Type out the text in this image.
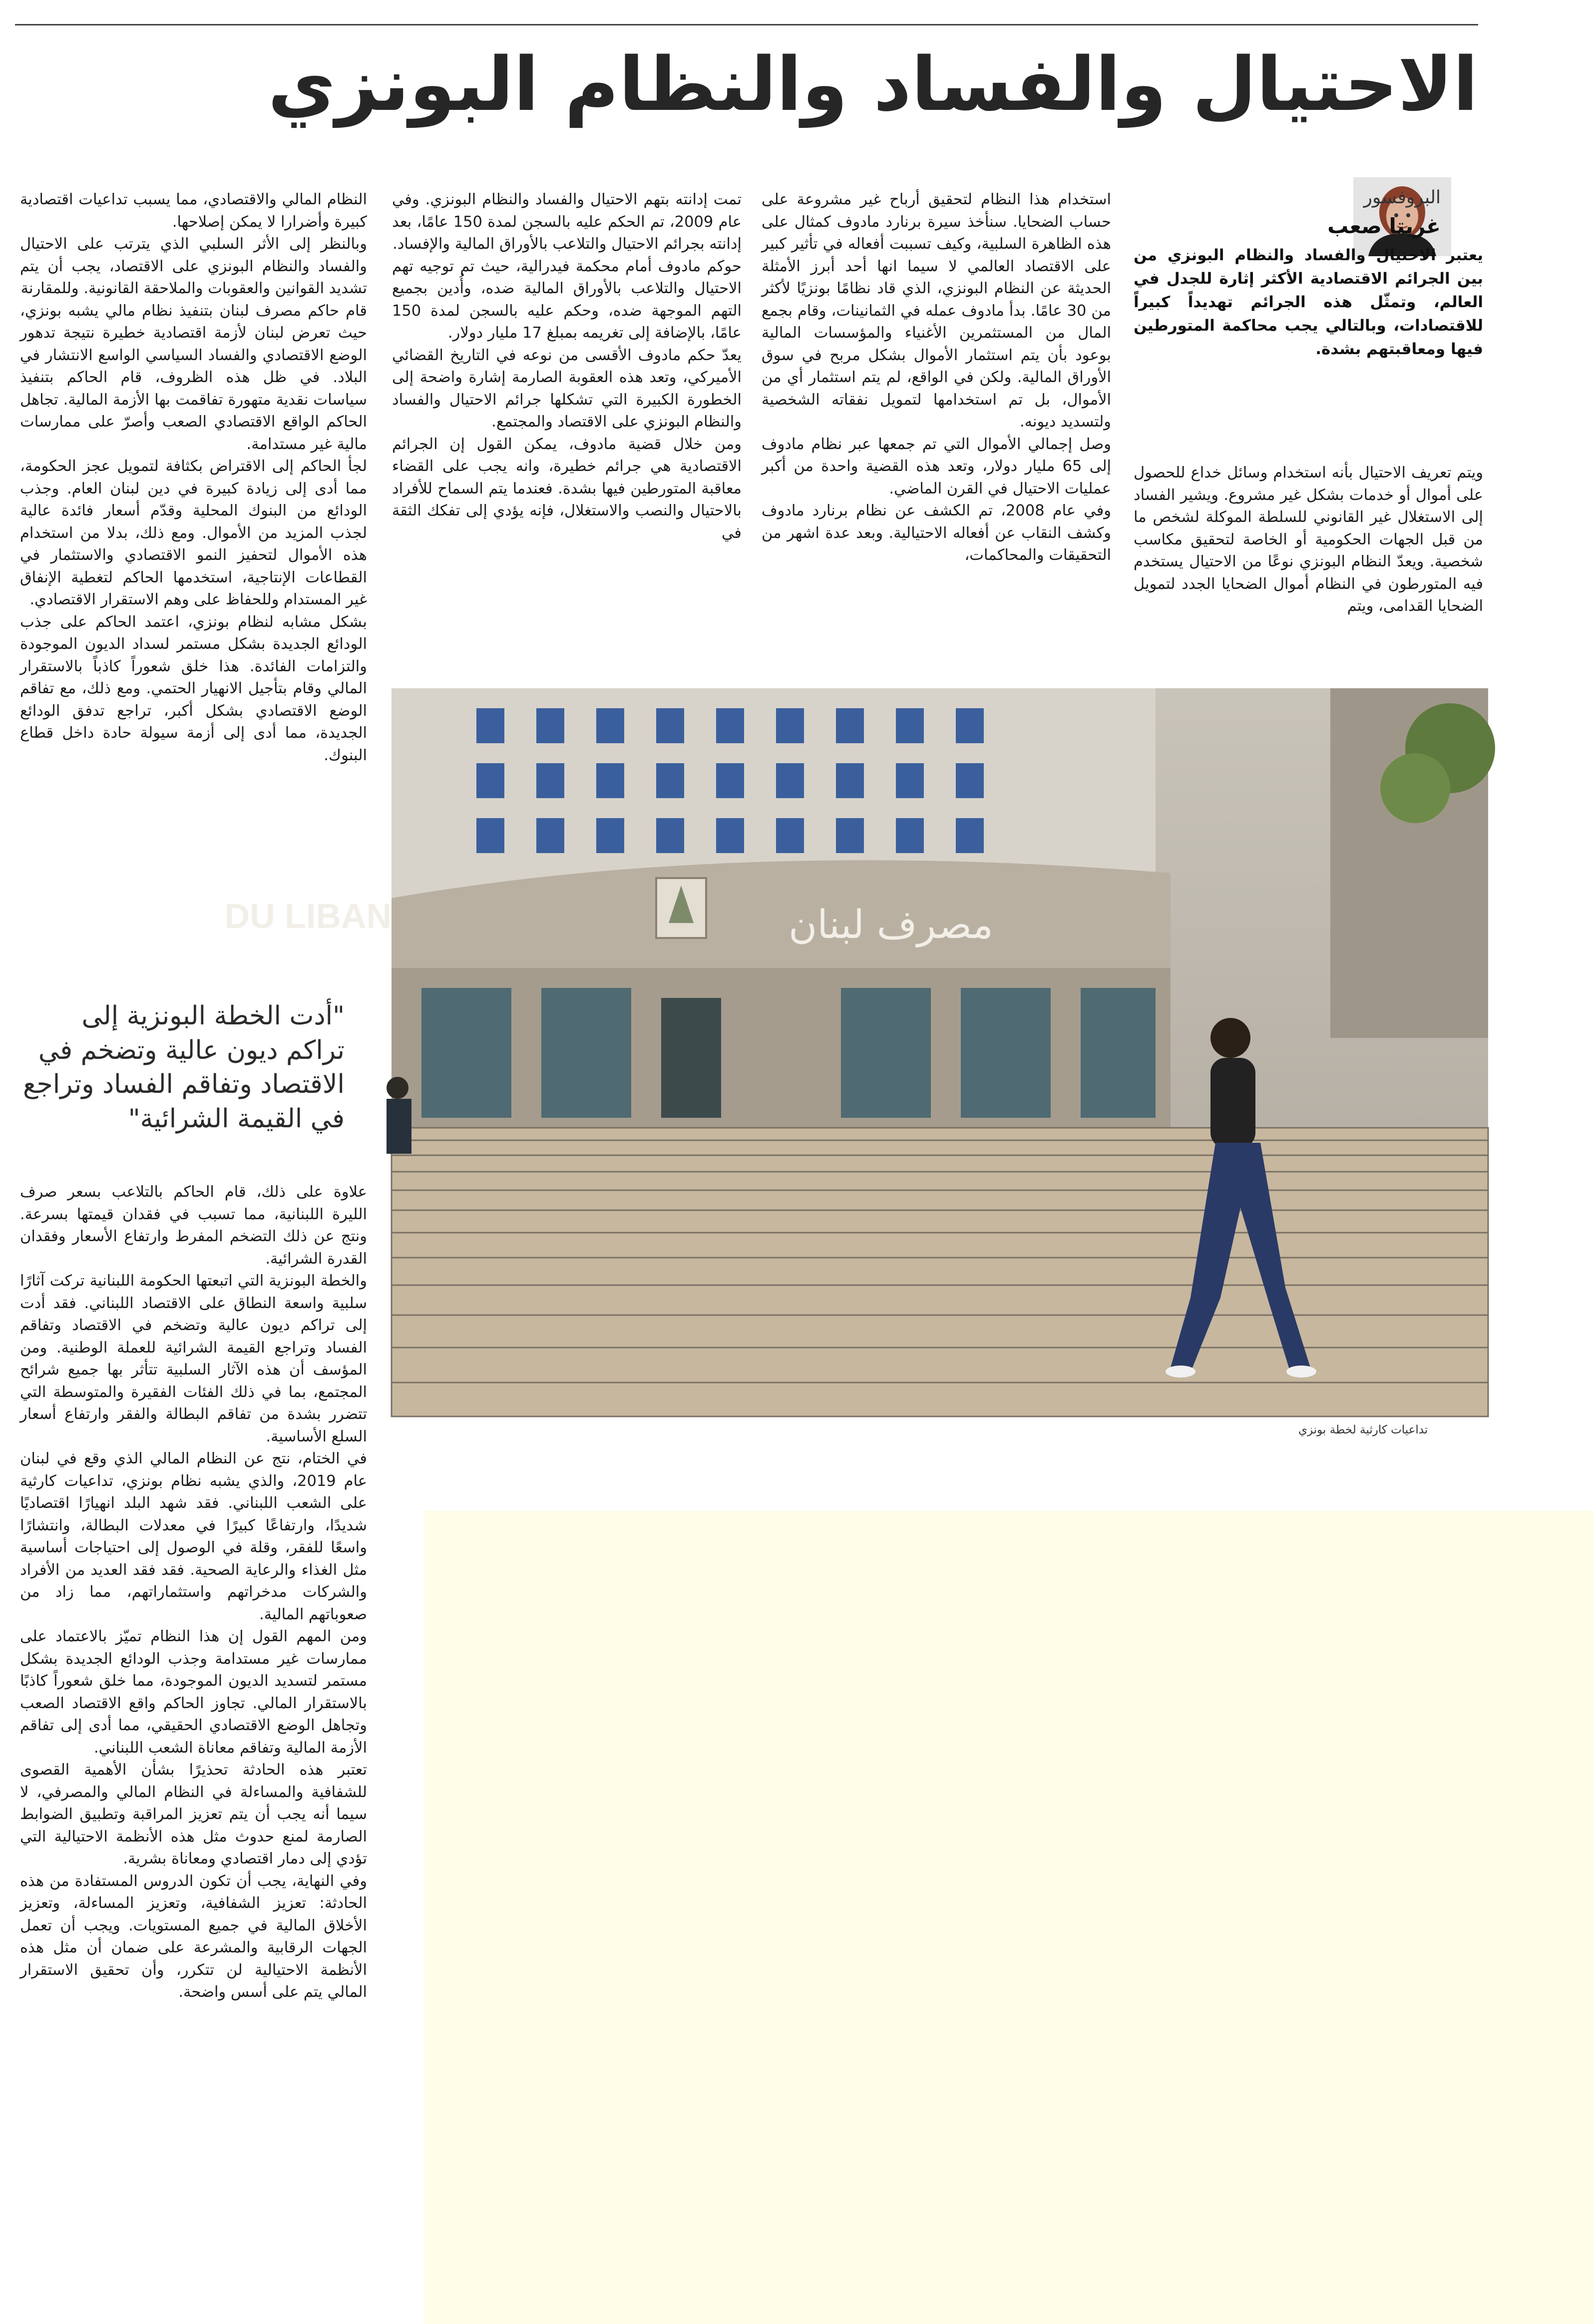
الاحتيال والفساد والنظام البونزي
البروفسور
غريتا صعب
يعتبر الاحتيال والفساد والنظام البونزي من بين الجرائم الاقتصادية الأكثر إثارة للجدل في العالم، وتمثّل هذه الجرائم تهديداً كبيراً للاقتصادات، وبالتالي يجب محاكمة المتورطين فيها ومعاقبتهم بشدة.

ويتم تعريف الاحتيال بأنه استخدام وسائل خداع للحصول على أموال أو خدمات بشكل غير مشروع. ويشير الفساد إلى الاستغلال غير القانوني للسلطة الموكلة لشخص ما من قبل الجهات الحكومية أو الخاصة لتحقيق مكاسب شخصية. ويعدّ النظام البونزي نوعًا من الاحتيال يستخدم فيه المتورطون في النظام أموال الضحايا الجدد لتمويل الضحايا القدامى، ويتم

استخدام هذا النظام لتحقيق أرباح غير مشروعة على حساب الضحايا. سنأخذ سيرة برنارد مادوف كمثال على هذه الظاهرة السلبية، وكيف تسببت أفعاله في تأثير كبير على الاقتصاد العالمي لا سيما انها أحد أبرز الأمثلة الحديثة عن النظام البونزي، الذي قاد نظامًا بونزيًا لأكثر من 30 عامًا. بدأ مادوف عمله في الثمانينات، وقام بجمع المال من المستثمرين الأغنياء والمؤسسات المالية بوعود بأن يتم استثمار الأموال بشكل مربح في سوق الأوراق المالية. ولكن في الواقع، لم يتم استثمار أي من الأموال، بل تم استخدامها لتمويل نفقاته الشخصية ولتسديد ديونه.

وصل إجمالي الأموال التي تم جمعها عبر نظام مادوف إلى 65 مليار دولار، وتعد هذه القضية واحدة من أكبر عمليات الاحتيال في القرن الماضي.

وفي عام 2008، تم الكشف عن نظام برنارد مادوف وكشف النقاب عن أفعاله الاحتيالية. وبعد عدة اشهر من التحقيقات والمحاكمات،

تمت إدانته بتهم الاحتيال والفساد والنظام البونزي. وفي عام 2009، تم الحكم عليه بالسجن لمدة 150 عامًا، بعد إدانته بجرائم الاحتيال والتلاعب بالأوراق المالية والإفساد.

حوكم مادوف أمام محكمة فيدرالية، حيث تم توجيه تهم الاحتيال والتلاعب بالأوراق المالية ضده، وأُدين بجميع التهم الموجهة ضده، وحكم عليه بالسجن لمدة 150 عامًا، بالإضافة إلى تغريمه بمبلغ 17 مليار دولار.

يعدّ حكم مادوف الأقسى من نوعه في التاريخ القضائي الأميركي، وتعد هذه العقوبة الصارمة إشارة واضحة إلى الخطورة الكبيرة التي تشكلها جرائم الاحتيال والفساد والنظام البونزي على الاقتصاد والمجتمع.

ومن خلال قضية مادوف، يمكن القول إن الجرائم الاقتصادية هي جرائم خطيرة، وانه يجب على القضاء معاقبة المتورطين فيها بشدة. فعندما يتم السماح للأفراد بالاحتيال والنصب والاستغلال، فإنه يؤدي إلى تفكك الثقة في

النظام المالي والاقتصادي، مما يسبب تداعيات اقتصادية كبيرة وأضرارا لا يمكن إصلاحها.

وبالنظر إلى الأثر السلبي الذي يترتب على الاحتيال والفساد والنظام البونزي على الاقتصاد، يجب أن يتم تشديد القوانين والعقوبات والملاحقة القانونية. وللمقارنة

قام حاكم مصرف لبنان بتنفيذ نظام مالي يشبه بونزي، حيث تعرض لبنان لأزمة اقتصادية خطيرة نتيجة تدهور الوضع الاقتصادي والفساد السياسي الواسع الانتشار في البلاد. في ظل هذه الظروف، قام الحاكم بتنفيذ سياسات نقدية متهورة تفاقمت بها الأزمة المالية. تجاهل الحاكم الواقع الاقتصادي الصعب وأصرّ على ممارسات مالية غير مستدامة.

لجأ الحاكم إلى الاقتراض بكثافة لتمويل عجز الحكومة، مما أدى إلى زيادة كبيرة في دين لبنان العام. وجذب الودائع من البنوك المحلية وقدّم أسعار فائدة عالية لجذب المزيد من الأموال. ومع ذلك، بدلا من استخدام هذه الأموال لتحفيز النمو الاقتصادي والاستثمار في القطاعات الإنتاجية، استخدمها الحاكم لتغطية الإنفاق غير المستدام وللحفاظ على وهم الاستقرار الاقتصادي.

بشكل مشابه لنظام بونزي، اعتمد الحاكم على جذب الودائع الجديدة بشكل مستمر لسداد الديون الموجودة والتزامات الفائدة. هذا خلق شعوراً كاذباً بالاستقرار المالي وقام بتأجيل الانهيار الحتمي. ومع ذلك، مع تفاقم الوضع الاقتصادي بشكل أكبر، تراجع تدفق الودائع الجديدة، مما أدى إلى أزمة سيولة حادة داخل قطاع البنوك.

"أدت الخطة البونزية إلى تراكم ديون عالية وتضخم في الاقتصاد وتفاقم الفساد وتراجع في القيمة الشرائية"

علاوة على ذلك، قام الحاكم بالتلاعب بسعر صرف الليرة اللبنانية، مما تسبب في فقدان قيمتها بسرعة. ونتج عن ذلك التضخم المفرط وارتفاع الأسعار وفقدان القدرة الشرائية.

والخطة البونزية التي اتبعتها الحكومة اللبنانية تركت آثارًا سلبية واسعة النطاق على الاقتصاد اللبناني. فقد أدت إلى تراكم ديون عالية وتضخم في الاقتصاد وتفاقم الفساد وتراجع القيمة الشرائية للعملة الوطنية. ومن المؤسف أن هذه الآثار السلبية تتأثر بها جميع شرائح المجتمع، بما في ذلك الفئات الفقيرة والمتوسطة التي تتضرر بشدة من تفاقم البطالة والفقر وارتفاع أسعار السلع الأساسية.

في الختام، نتج عن النظام المالي الذي وقع في لبنان عام 2019، والذي يشبه نظام بونزي، تداعيات كارثية على الشعب اللبناني. فقد شهد البلد انهيارًا اقتصاديًا شديدًا، وارتفاعًا كبيرًا في معدلات البطالة، وانتشارًا واسعًا للفقر، وقلة في الوصول إلى احتياجات أساسية مثل الغذاء والرعاية الصحية. فقد فقد العديد من الأفراد والشركات مدخراتهم واستثماراتهم، مما زاد من صعوباتهم المالية.

ومن المهم القول إن هذا النظام تميّز بالاعتماد على ممارسات غير مستدامة وجذب الودائع الجديدة بشكل مستمر لتسديد الديون الموجودة، مما خلق شعوراً كاذبًا بالاستقرار المالي. تجاوز الحاكم واقع الاقتصاد الصعب وتجاهل الوضع الاقتصادي الحقيقي، مما أدى إلى تفاقم الأزمة المالية وتفاقم معاناة الشعب اللبناني.

تعتبر هذه الحادثة تحذيرًا بشأن الأهمية القصوى للشفافية والمساءلة في النظام المالي والمصرفي، لا سيما أنه يجب أن يتم تعزيز المراقبة وتطبيق الضوابط الصارمة لمنع حدوث مثل هذه الأنظمة الاحتيالية التي تؤدي إلى دمار اقتصادي ومعاناة بشرية.

وفي النهاية، يجب أن تكون الدروس المستفادة من هذه الحادثة: تعزيز الشفافية، وتعزيز المساءلة، وتعزيز الأخلاق المالية في جميع المستويات. ويجب أن تعمل الجهات الرقابية والمشرعة على ضمان أن مثل هذه الأنظمة الاحتيالية لن تتكرر، وأن تحقيق الاستقرار المالي يتم على أسس واضحة.

DU LIBAN	مصرف لبنان
تداعيات كارثية لخطة بونزي
